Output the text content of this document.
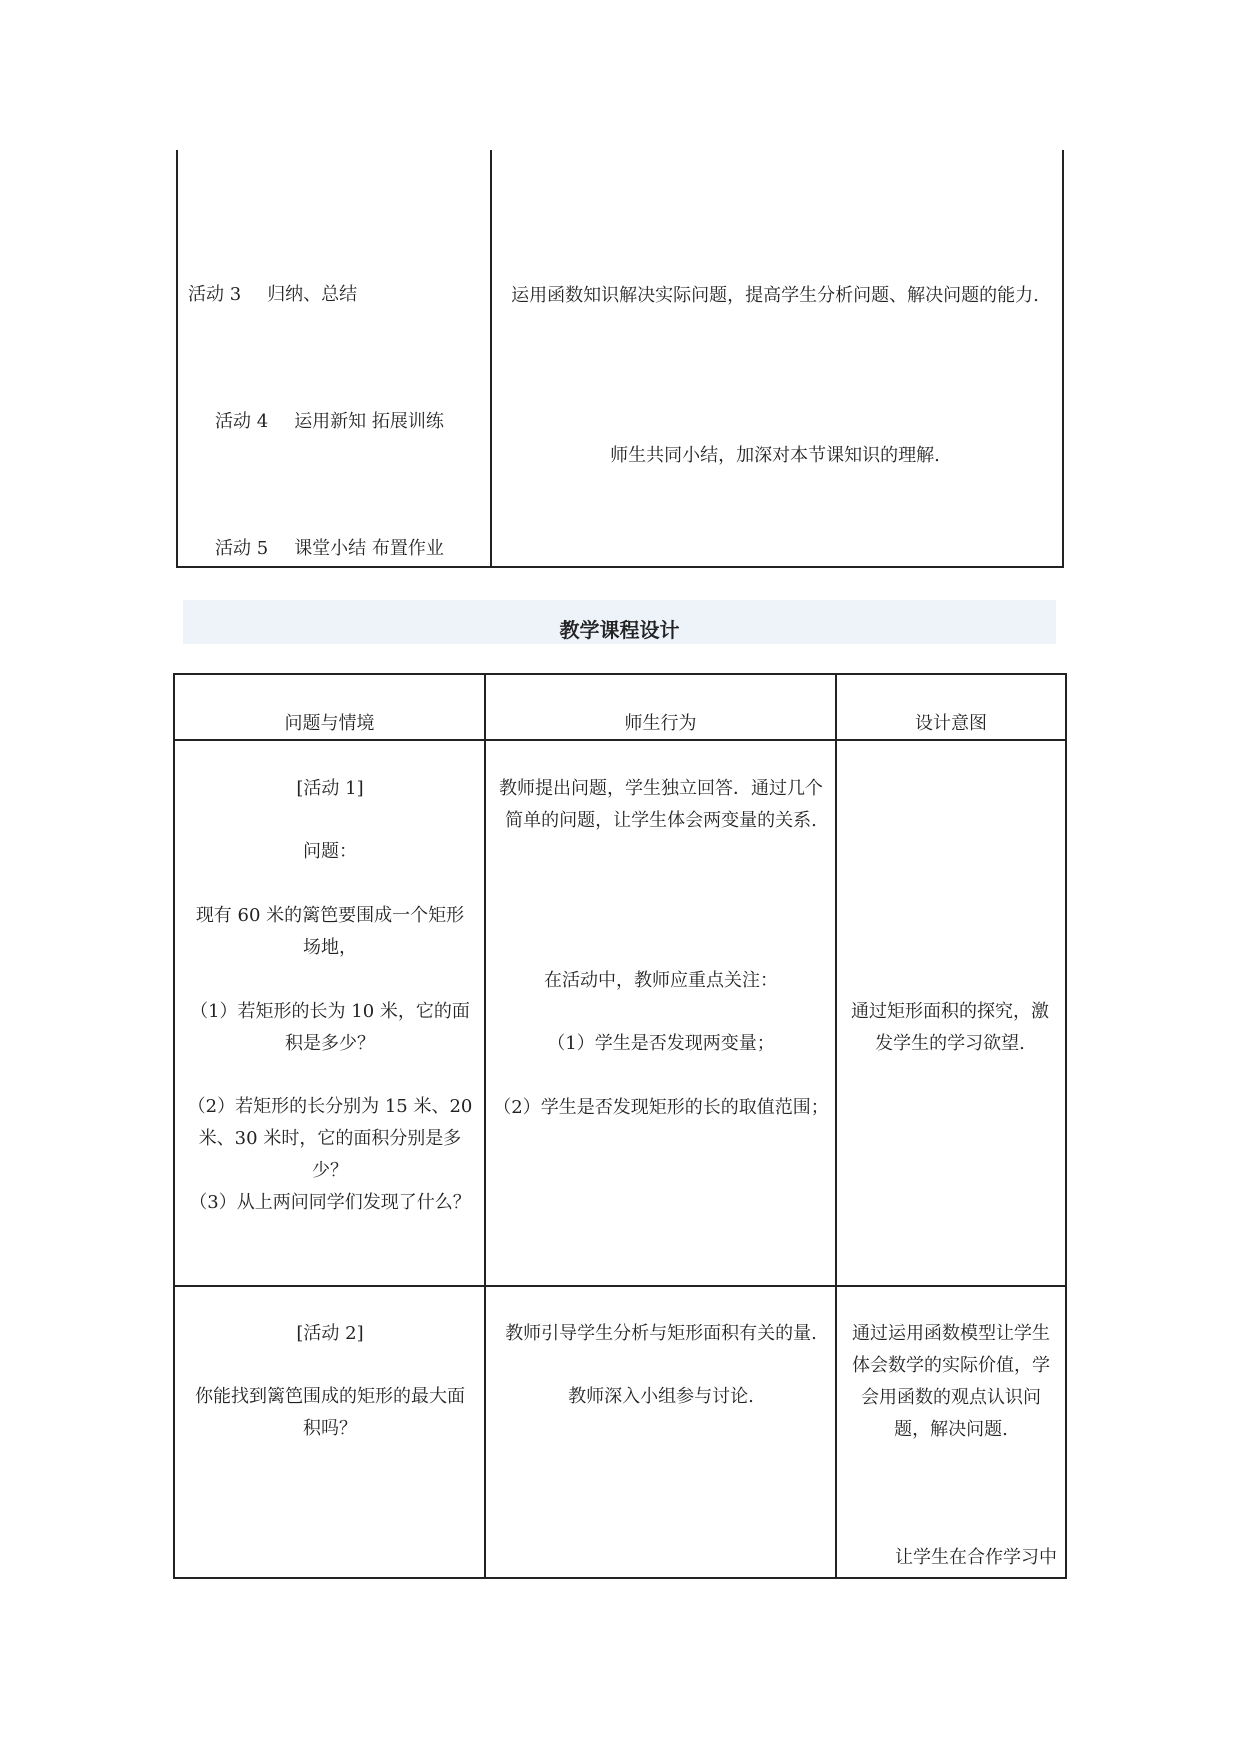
活动 3 归纳、总结
活动 4 运用新知 拓展训练
活动 5 课堂小结 布置作业
运用函数知识解决实际问题，提高学生分析问题、解决问题的能力.
师生共同小结，加深对本节课知识的理解.
教学课程设计
问题与情境	师生行为	设计意图
[活动 1]
问题：
现有 60 米的篱笆要围成一个矩形场地，
（1）若矩形的长为 10 米，它的面积是多少？
（2）若矩形的长分别为 15 米、20 米、30 米时，它的面积分别是多少？
（3）从上两问同学们发现了什么？
教师提出问题，学生独立回答．通过几个简单的问题，让学生体会两变量的关系.
在活动中，教师应重点关注：
（1）学生是否发现两变量；
（2）学生是否发现矩形的长的取值范围；
通过矩形面积的探究，激发学生的学习欲望.
[活动 2]
你能找到篱笆围成的矩形的最大面积吗？
教师引导学生分析与矩形面积有关的量.
教师深入小组参与讨论.
通过运用函数模型让学生体会数学的实际价值，学会用函数的观点认识问题，解决问题.
让学生在合作学习中
